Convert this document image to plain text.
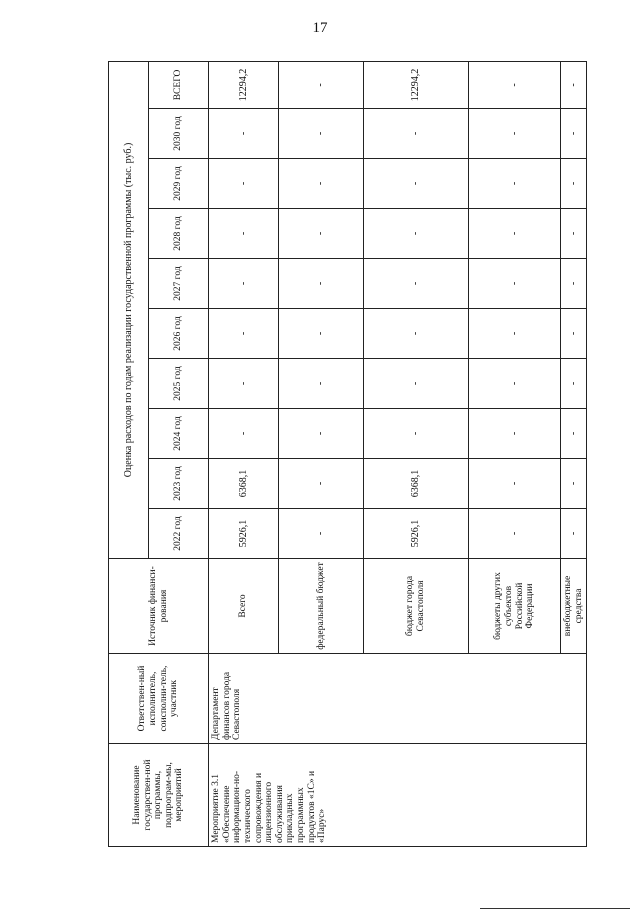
17
Наименование государствен-ной программы, подпрограм-мы, мероприятий	Ответствен-ный исполнитель, соисполни-тель, участник	Источник финанси-рования	Оценка расходов по годам реализации государственной программы (тыс. руб.)									
			2022 год	2023 год	2024 год	2025 год	2026 год	2027 год	2028 год	2029 год	2030 год	ВСЕГО
Мероприятие 3.1 «Обеспечение информацион-но-технического сопровождения и лицензионного обслуживания прикладных программных продуктов «1С» и «Парус»	Департамент финансов города Севастополя	Всего	5926,1	6368,1	-	-	-	-	-	-	-	12294,2
		федеральный бюджет	-	-	-	-	-	-	-	-	-	-
		бюджет города Севастополя	5926,1	6368,1	-	-	-	-	-	-	-	12294,2
		бюджеты других субъектов Российской Федерации	-	-	-	-	-	-	-	-	-	-
		внебюджетные средства	-	-	-	-	-	-	-	-	-	-
